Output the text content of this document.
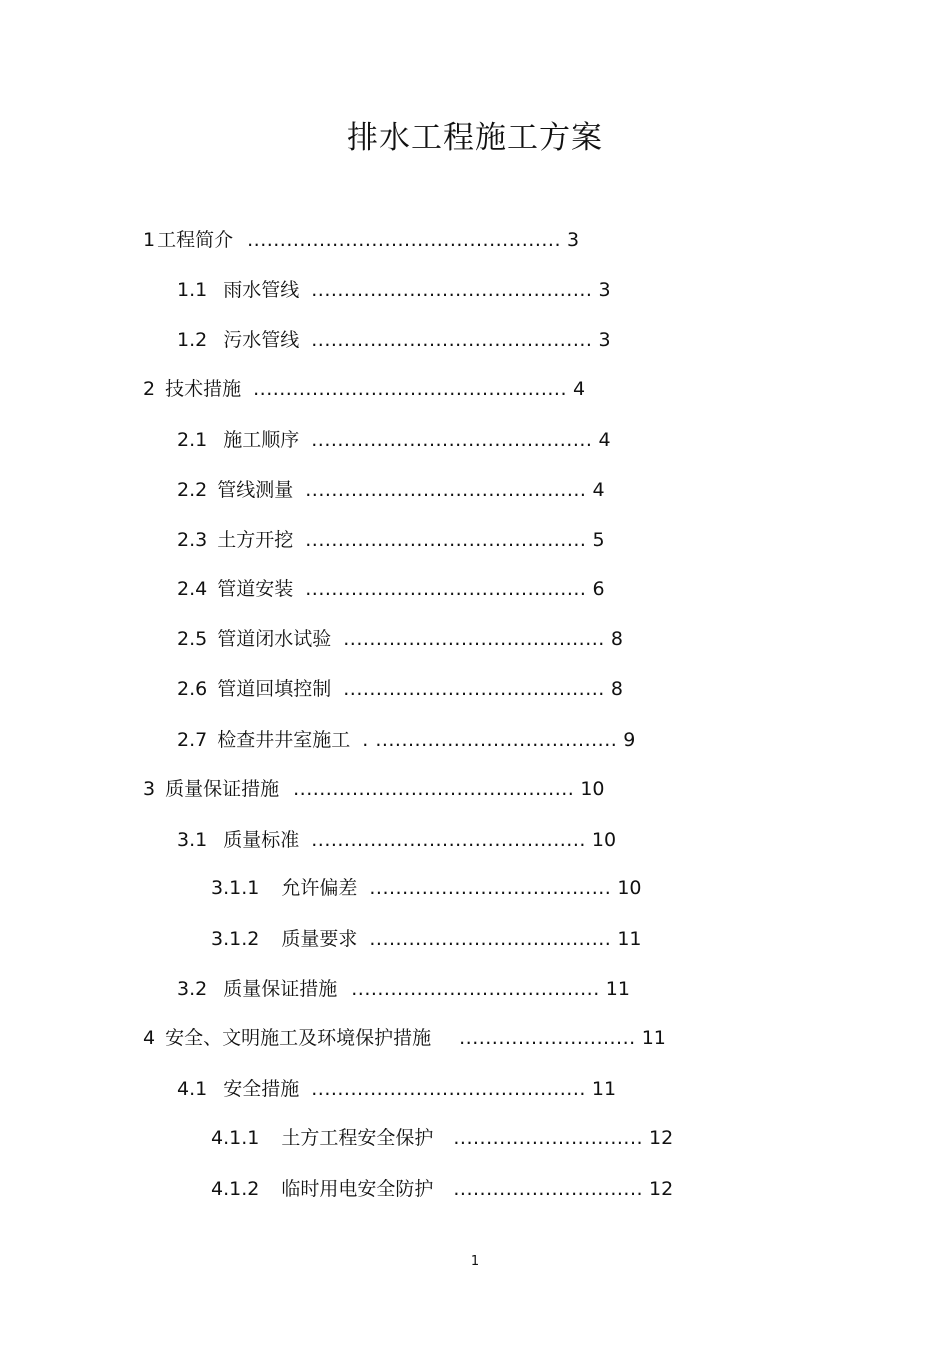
排水工程施工方案
1 工程简介 ................................................ 3
1.1 雨水管线 ........................................... 3
1.2 污水管线 ........................................... 3
2 技术措施 ................................................ 4
2.1 施工顺序 ........................................... 4
2.2 管线测量 ........................................... 4
2.3 土方开挖 ........................................... 5
2.4 管道安装 ........................................... 6
2.5 管道闭水试验 ........................................ 8
2.6 管道回填控制 ........................................ 8
2.7 检查井井室施工 . ..................................... 9
3 质量保证措施 ........................................... 10
3.1 质量标准 .......................................... 10
3.1.1 允许偏差 ..................................... 10
3.1.2 质量要求 ..................................... 11
3.2 质量保证措施 ...................................... 11
4 安全、文明施工及环境保护措施 ........................... 11
4.1 安全措施 .......................................... 11
4.1.1 土方工程安全保护 ............................. 12
4.1.2 临时用电安全防护 ............................. 12
1
